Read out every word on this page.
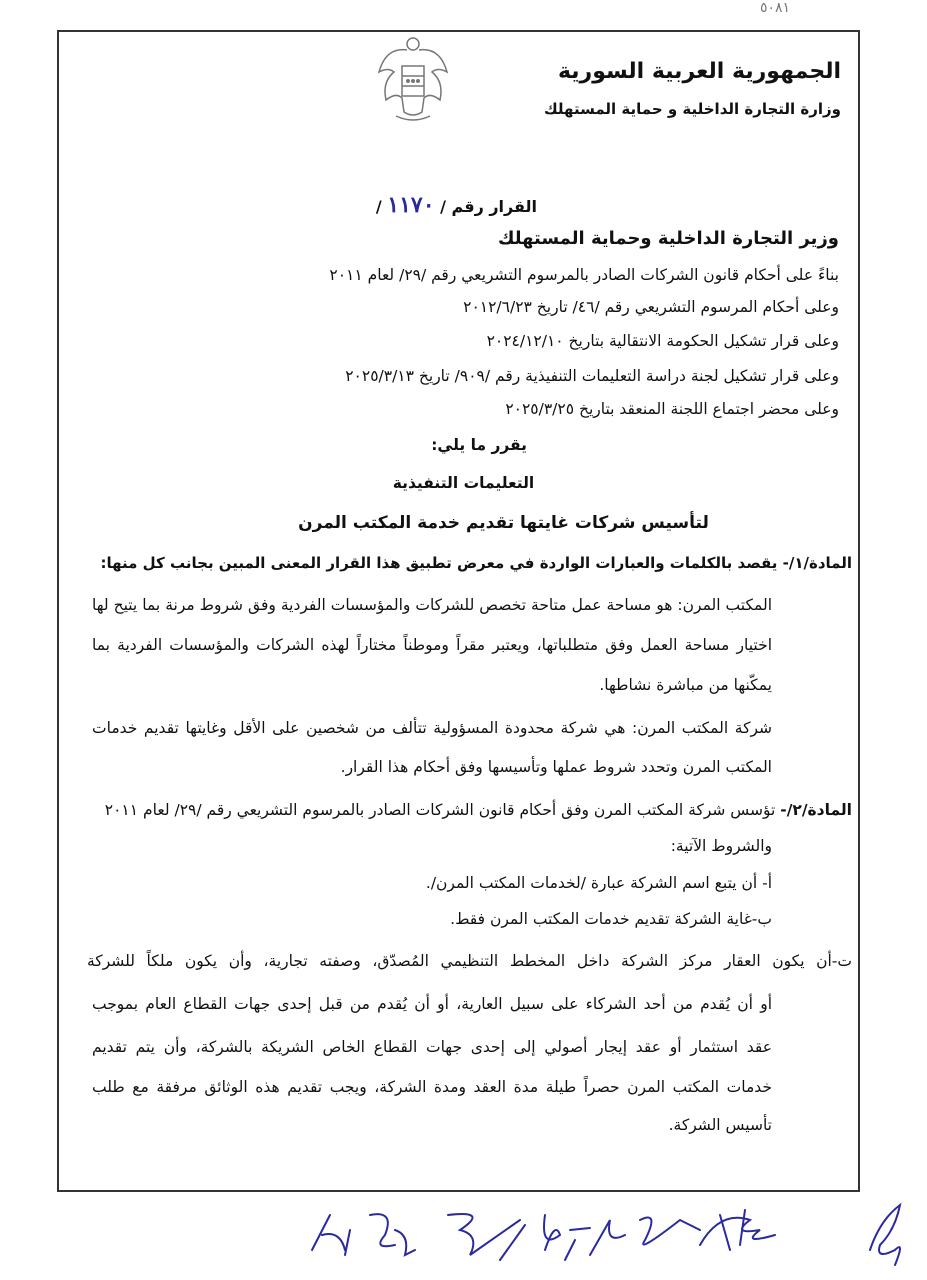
٥٠٨١
الجمهورية العربية السورية
وزارة التجارة الداخلية و حماية المستهلك
القرار رقم / ١١٧٠ /
وزير التجارة الداخلية وحماية المستهلك
بناءً على أحكام قانون الشركات الصادر بالمرسوم التشريعي رقم /٢٩/ لعام ٢٠١١
وعلى أحكام المرسوم التشريعي رقم /٤٦/ تاريخ ٢٠١٢/٦/٢٣
وعلى قرار تشكيل الحكومة الانتقالية بتاريخ ٢٠٢٤/١٢/١٠
وعلى قرار تشكيل لجنة دراسة التعليمات التنفيذية رقم /٩٠٩/ تاريخ ٢٠٢٥/٣/١٣
وعلى محضر اجتماع اللجنة المنعقد بتاريخ ٢٠٢٥/٣/٢٥
يقرر ما يلي:
التعليمات التنفيذية
لتأسيس شركات غايتها تقديم خدمة المكتب المرن
المادة/١/- يقصد بالكلمات والعبارات الواردة في معرض تطبيق هذا القرار المعنى المبين بجانب كل منها:
المكتب المرن: هو مساحة عمل متاحة تخصص للشركات والمؤسسات الفردية وفق شروط مرنة بما يتيح لها
اختيار مساحة العمل وفق متطلباتها، ويعتبر مقراً وموطناً مختاراً لهذه الشركات والمؤسسات الفردية بما
يمكّنها من مباشرة نشاطها.
شركة المكتب المرن: هي شركة محدودة المسؤولية تتألف من شخصين على الأقل وغايتها تقديم خدمات
المكتب المرن وتحدد شروط عملها وتأسيسها وفق أحكام هذا القرار.
المادة/٢/- تؤسس شركة المكتب المرن وفق أحكام قانون الشركات الصادر بالمرسوم التشريعي رقم /٢٩/ لعام ٢٠١١
والشروط الآتية:
أ- أن يتبع اسم الشركة عبارة /لخدمات المكتب المرن/.
ب-غاية الشركة تقديم خدمات المكتب المرن فقط.
ت-أن يكون العقار مركز الشركة داخل المخطط التنظيمي المُصدّق، وصفته تجارية، وأن يكون ملكاً للشركة
أو أن يُقدم من أحد الشركاء على سبيل العارية، أو أن يُقدم من قبل إحدى جهات القطاع العام بموجب
عقد استثمار أو عقد إيجار أصولي إلى إحدى جهات القطاع الخاص الشريكة بالشركة، وأن يتم تقديم
خدمات المكتب المرن حصراً طيلة مدة العقد ومدة الشركة، ويجب تقديم هذه الوثائق مرفقة مع طلب
تأسيس الشركة.
